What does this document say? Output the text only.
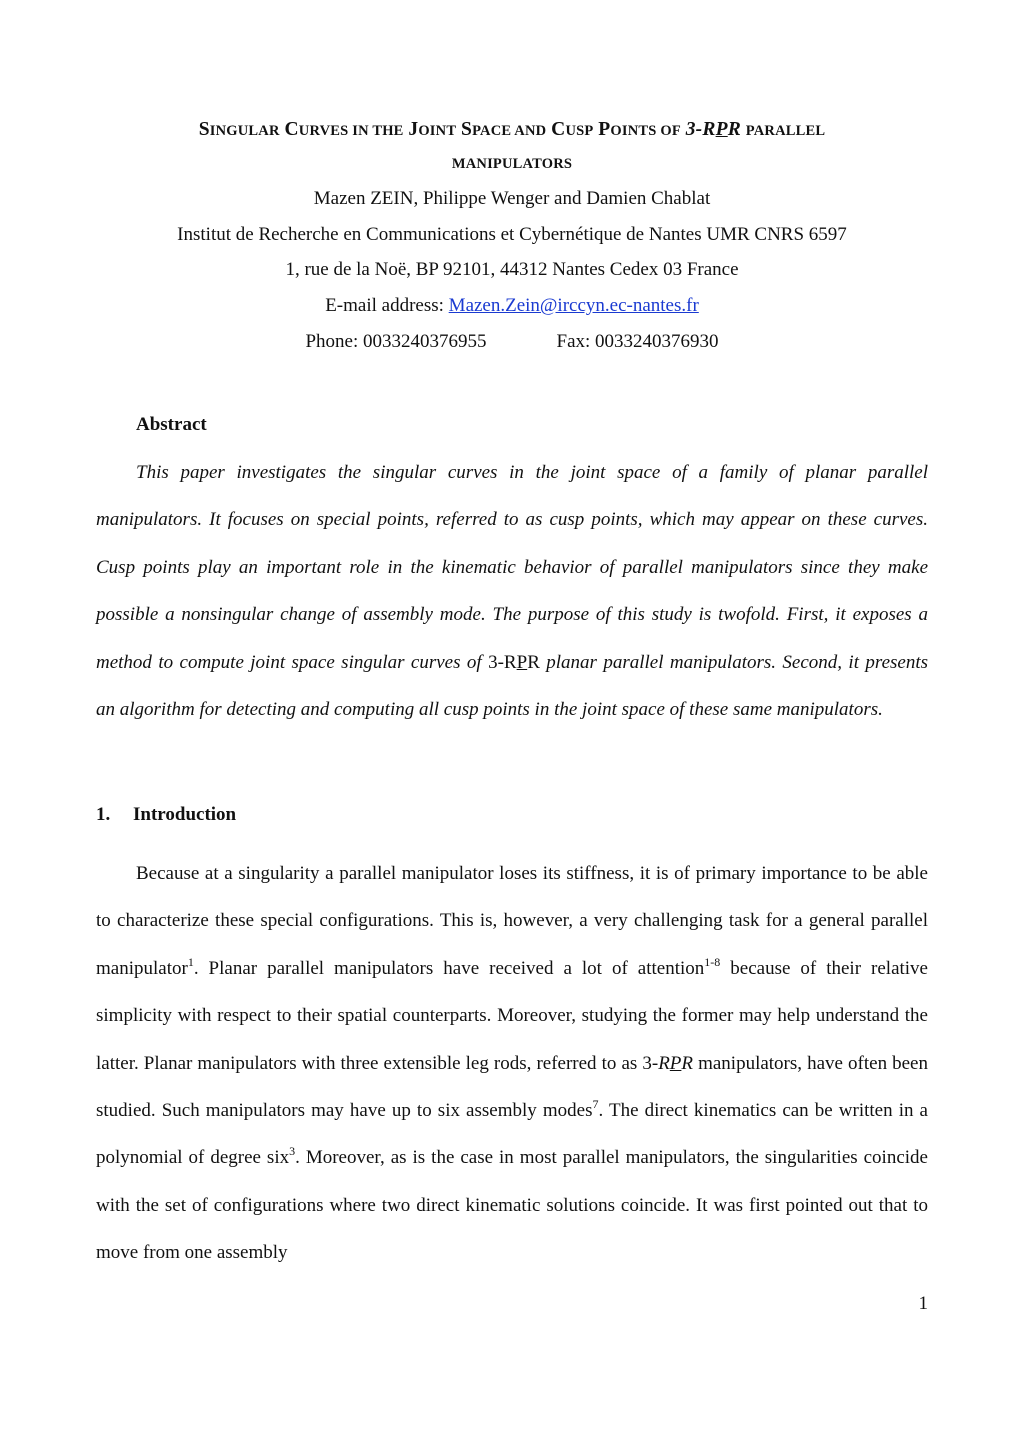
SINGULAR CURVES IN THE JOINT SPACE AND CUSP POINTS OF 3-RPR PARALLEL
MANIPULATORS
Mazen ZEIN, Philippe Wenger and Damien Chablat
Institut de Recherche en Communications et Cybernétique de Nantes UMR CNRS 6597
1, rue de la Noë, BP 92101, 44312 Nantes Cedex 03 France
E-mail address: Mazen.Zein@irccyn.ec-nantes.fr
Phone: 0033240376955	Fax: 0033240376930
Abstract

This paper investigates the singular curves in the joint space of a family of planar parallel manipulators. It focuses on special points, referred to as cusp points, which may appear on these curves. Cusp points play an important role in the kinematic behavior of parallel manipulators since they make possible a nonsingular change of assembly mode. The purpose of this study is twofold. First, it exposes a method to compute joint space singular curves of 3-RPR planar parallel manipulators. Second, it presents an algorithm for detecting and computing all cusp points in the joint space of these same manipulators.

1. Introduction

Because at a singularity a parallel manipulator loses its stiffness, it is of primary importance to be able to characterize these special configurations. This is, however, a very challenging task for a general parallel manipulator$^1$. Planar parallel manipulators have received a lot of attention$^{1-8}$ because of their relative simplicity with respect to their spatial counterparts. Moreover, studying the former may help understand the latter. Planar manipulators with three extensible leg rods, referred to as 3-RPR manipulators, have often been studied. Such manipulators may have up to six assembly modes$^7$. The direct kinematics can be written in a polynomial of degree six$^3$. Moreover, as is the case in most parallel manipulators, the singularities coincide with the set of configurations where two direct kinematic solutions coincide. It was first pointed out that to move from one assembly

1
